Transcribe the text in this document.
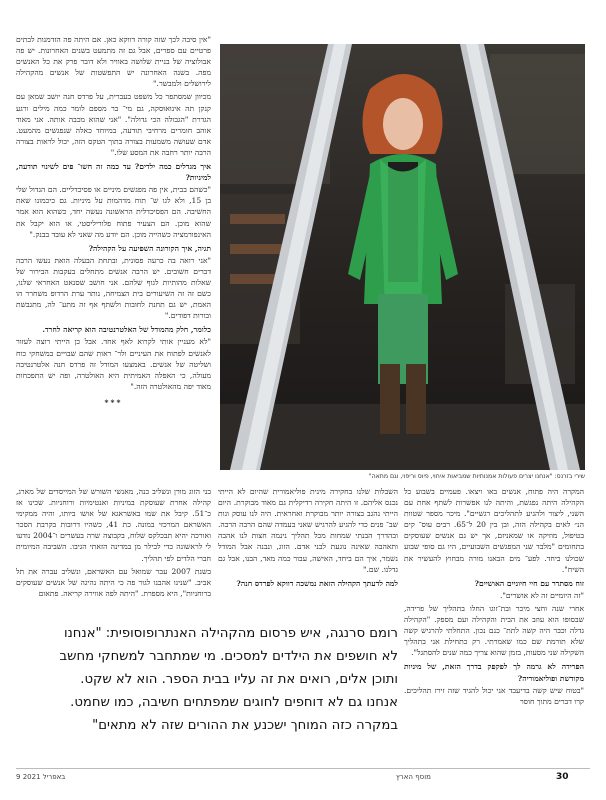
"אין סיבה לכך שזה קורה דווקא כאן. אם היתה פה הזדמנות לבתים פרטיים עם ספרים, אבל גם זה מתמעט בשנים האחרונות. יש פה אבולוציה של בניית שלושה באוויר ולא דובר פרק את כל האנשים מפה. בשנה האחרונה יש התפשטות של אנשים מהקהילה לירושלים ולמבשר."

מכיוון שמסתפר כל משפט בעברית, על פרדס חנה יושב שמאן עם קנקן תה אינוּאוּסקה, גם מי־ בר מספם לומר כמה מילים ורגע הגדרת "הגבולה הכי גדולה". "אני שהוא מכבה אותה. אני מאוד אוהב חומרים מרחיבי תודעה, במיוחד כאלה שנפגשים מהמעט. אדם שעושה משמעות בצורה בתוך הטקס הזה, יכול לראות בצורה הרבה יותר רחבה את המסע שלו."

איך מגדלים כמה ילדים? עד כמה זה חשו־ פים לשינוי תודעה, למיניות?

"כשהם בבית, אין פה מפגשים מיניים או פסיכדליים. הם הגדול שלי בן 15, ולא לגו ש־ תוח מדהמות על מיניות. גם כיכמונו שאת החשיבה. הם הפסיכדלית הראשונה נעשה יחד, כשהוא הוא אמר שהוא מוכן. הם הצעיר פתוח פלוריליסטי, או הוא יקבל את האינפורמציה כשהייה מוכן. הם יודע מה שאני לא עובד בבנק."

תגיה, איך הקורונה השפיעה על הקהילה?

"אני רואה בה כרעה פסונית, ובתחת הבעלה הואת נעשו הרבה דברים חשובים. יש הרבה אנשים מתחלים בעקבות הבירור של שאלות מהותיות לגוף שלהם. אני חושב שסנאט האחראי שלנו, כשם זה זה השיעורים בית הצמיחה, נותר ערת הרדופ משחרר הו האמת, יש גם תחנת לחובות ולשתף אף זה מתע־ לה, מתגבשת ובורות דפודים."

כלומר, חלק מהמודל של האלטרנטיבה הוא קריאה לחרד.

"לא מעניין אותי לקרוא לאף אחד. אבל כן הייתי רוצה לעזור לאנשים לפתוח את העיניים ולר־ ראות שהם שבויים במשחקי כוח ושליטה של אנשים. באמצעו המודל זה פרדס חנה אלטרנטיבה מעולה, כי האפלה האמיתית היא האולטרה, ופה יש התפכחות מאוד יפה מהאולטרה הזה."

***

שירי בזרנס: "אנחנו יצרים פעולות אמנותיות שמביאות איחוי, פיוס וריפוי, וגם מתאה"

בני הזוג מורן ונשליב כנה, מאנשי השורש של המייסדים של מארג, קהילה אחרת שעוסקת במיניות ואנטימיות ורוחניות. שכינו אז כ־51. קיבל את שמו באשראגא של אושו ביותו, והיה ממקימי האשראם המרכזי במונה. כת 41, כשהיו דרובות בקרבת הסכר ואורכה יהיא תבכלקס שלוח, בקבוצה שרה בעשרים ו־2004 נודעו לי לראשונה כדי לבילר מן במדינה הזאתי הגיבו. השביבה המיומית חברי הלדים לפי תהליך.

בשנת 2007 עבר שמואל עם האשראם, ונשליב עברה את תל אביב. "שנינו אהבנו לגור פה כי היתה נהיגה של אנשים שעוסקים ברוחניות", היא מספרת. "היתה לפה אווירה קריאה. פתאום

השבלות שלנו בחקירה מינית פוליאמורית שהיום לא הייתי נכנס אליהם. זו היתה חקירה רדיקלית גם מאוד מבוקרת. היום הייתי נהגב בצורה יותר מבוקרת ואחראית. היה לנו עוסק ונות שב־ פנים כדי להגיע להרגיש שאני בעמדה שהם הרבה הרבה. ובהדרך הבנתי שמחות מכל תהליך נינמה חצות לנו אהבה ותאהבה שאינה נוגעת לבני אדם. הזוג, ונבנה אבל המודל נשמר, איך הם ביחד, האישה, עבור כמה מאד, הבנו, אבל גם גדלנו. שם."

למה לדעתך הקהילה הזאת נמשכה דווקא לפרדס חנה?

המקרה היה פתוח, אנשים באו ויצאו. פעמיים בשבוע כל הקהילה היתה נפגשת, והיתה לנו אפשרות לשתף אחת עם השני, ליצור ולהגיע לתהליכים רגשיים". מיכר מספר שטוות הנ״ לאים בקהילה הזה, ובן בין 20 ל־65. רבים עוס־ קים בטיפול, מוזיקה או שמאניזם, אך יש גם אנשים שעוסקים בתחומים "מלבד שני המפגשים השבועיים, היו גם סופי שבוע שכולנו ביחד. לפע־ מים הבאנו מורה מבחוץ להעשיר את השיח".

זוח מסתדר עם חיי חיוניים האושיים?

"זה היומיים זה לא אושרים".

אחרי שנה וחצי מיכר ובת־זוגו החלו בתהליך של פרידה, שבסופו הוא עוזב את הבית והקהילה ועם מספק. "הקהילה גדלה וכבר היה קשה לתת־ כנם נכון. התחלתי להרגיש קשה שלא תורמת שם כמו שאמרתי. רק כתחילת אני בתהליך השקילה שני מסעות, בזמן שהוא צריך כמה שנים להסתגל".

הפרידה לא גרמה לך לפקפק בדרך הזאת, של מיניות מקודשת ופוליאמוריה?

"בטוח שיש קשה בדיעבד אני יכול להגיד שזה זירז תהליכים. קרו דברים מתוך חוסר

רומם סרנגה, איש פרסום מהקהילה האנתרופוסופית: "אנחנו
לא חושפים את הילדים למסכים. מי שמתחבר למשחקי מחשב
ותוכן אלים, רואים את זה עליו בבית הספר. הוא לא שקט.
אנחנו גם לא דוחפים לחוגים שמפתחים חשיבה, כמו שחמט.
במקרה כזה המוחך ישכנע את ההורים שזה לא מתאים"
9 באפריל 2021	מוסף הארץ	30
